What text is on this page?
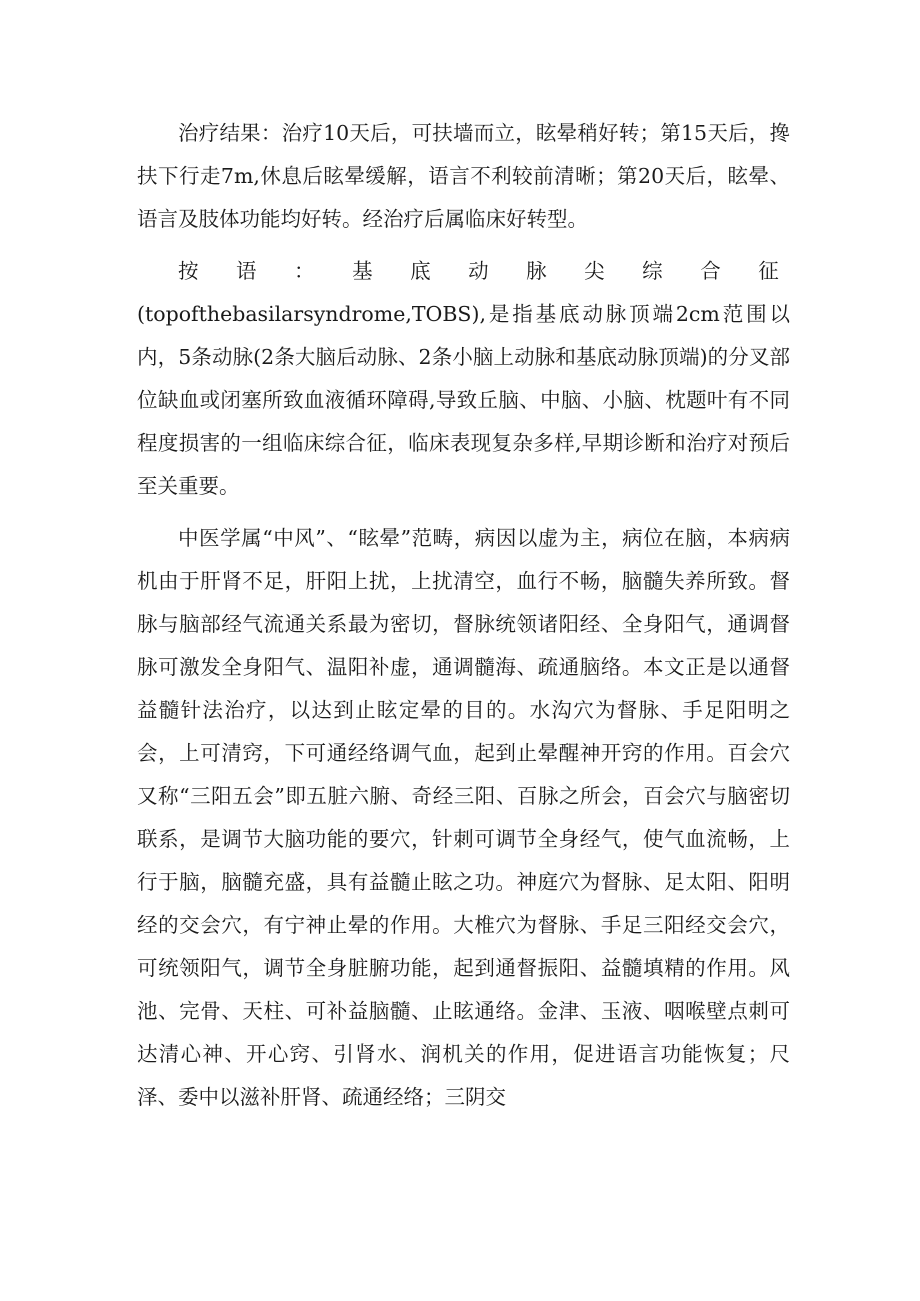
治疗结果：治疗10天后，可扶墙而立，眩晕稍好转；第15天后，搀扶下行走7m,休息后眩晕缓解，语言不利较前清晰；第20天后，眩晕、语言及肢体功能均好转。经治疗后属临床好转型。

按 语 ： 基 底 动 脉 尖 综 合 征

(topofthebasilarsyndrome,TOBS),是指基底动脉顶端2cm范围以内，5条动脉(2条大脑后动脉、2条小脑上动脉和基底动脉顶端)的分叉部位缺血或闭塞所致血液循环障碍,导致丘脑、中脑、小脑、枕题叶有不同程度损害的一组临床综合征，临床表现复杂多样,早期诊断和治疗对预后至关重要。

中医学属“中风”、“眩晕”范畴，病因以虚为主，病位在脑，本病病机由于肝肾不足，肝阳上扰，上扰清空，血行不畅，脑髓失养所致。督脉与脑部经气流通关系最为密切，督脉统领诸阳经、全身阳气，通调督脉可激发全身阳气、温阳补虚，通调髓海、疏通脑络。本文正是以通督益髓针法治疗，以达到止眩定晕的目的。水沟穴为督脉、手足阳明之会，上可清窍，下可通经络调气血，起到止晕醒神开窍的作用。百会穴又称“三阳五会”即五脏六腑、奇经三阳、百脉之所会，百会穴与脑密切联系，是调节大脑功能的要穴，针刺可调节全身经气，使气血流畅，上行于脑，脑髓充盛，具有益髓止眩之功。神庭穴为督脉、足太阳、阳明经的交会穴，有宁神止晕的作用。大椎穴为督脉、手足三阳经交会穴，可统领阳气，调节全身脏腑功能，起到通督振阳、益髓填精的作用。风池、完骨、天柱、可补益脑髓、止眩通络。金津、玉液、咽喉壁点刺可达清心神、开心窍、引肾水、润机关的作用，促进语言功能恢复；尺泽、委中以滋补肝肾、疏通经络；三阴交
